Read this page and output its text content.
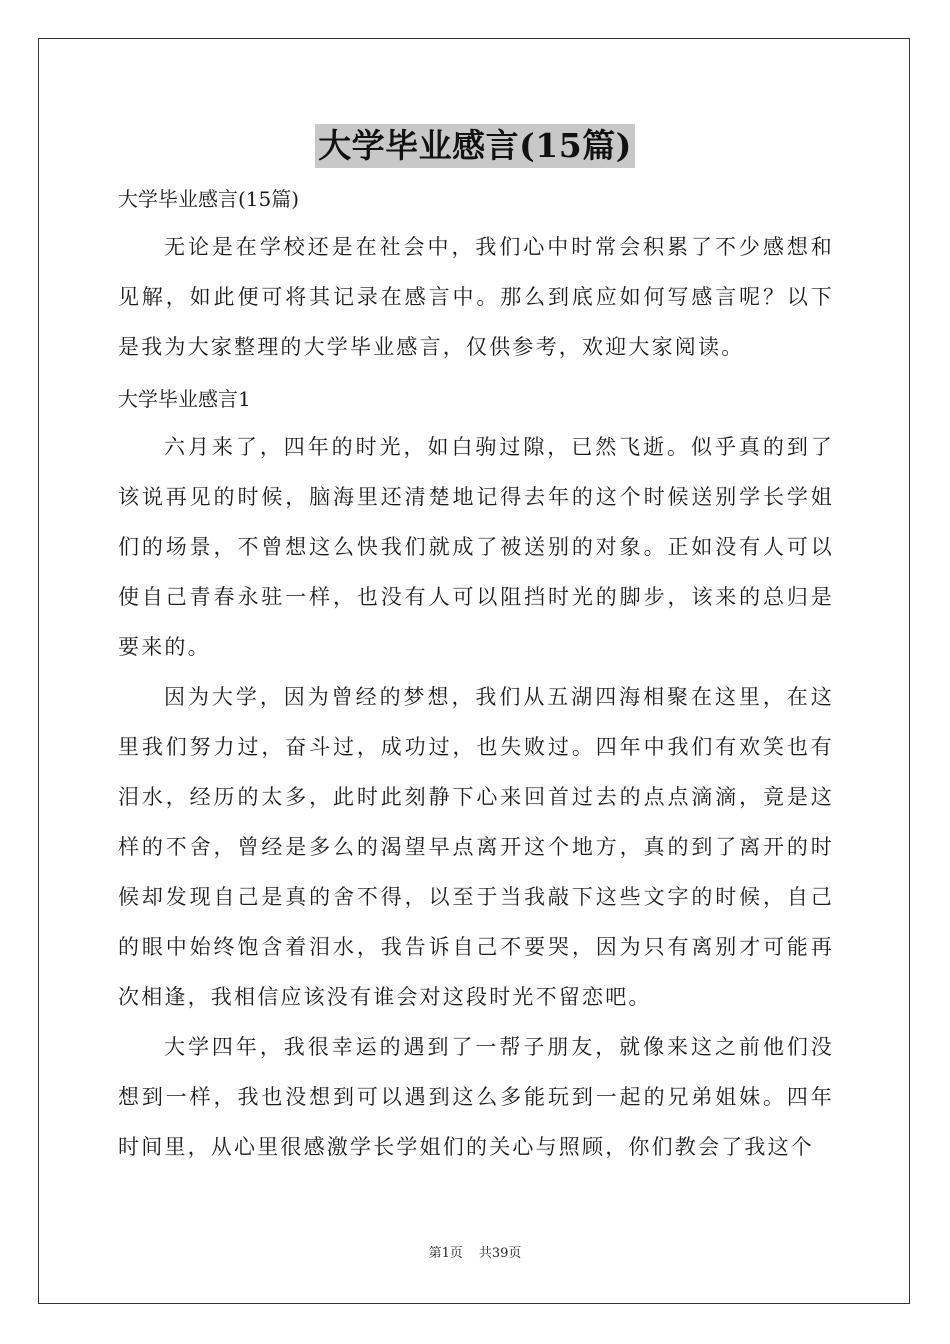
大学毕业感言(15篇)
大学毕业感言(15篇)

无论是在学校还是在社会中，我们心中时常会积累了不少感想和见解，如此便可将其记录在感言中。那么到底应如何写感言呢？以下是我为大家整理的大学毕业感言，仅供参考，欢迎大家阅读。

大学毕业感言1

六月来了，四年的时光，如白驹过隙，已然飞逝。似乎真的到了该说再见的时候，脑海里还清楚地记得去年的这个时候送别学长学姐们的场景，不曾想这么快我们就成了被送别的对象。正如没有人可以使自己青春永驻一样，也没有人可以阻挡时光的脚步，该来的总归是要来的。

因为大学，因为曾经的梦想，我们从五湖四海相聚在这里，在这里我们努力过，奋斗过，成功过，也失败过。四年中我们有欢笑也有泪水，经历的太多，此时此刻静下心来回首过去的点点滴滴，竟是这样的不舍，曾经是多么的渴望早点离开这个地方，真的到了离开的时候却发现自己是真的舍不得，以至于当我敲下这些文字的时候，自己的眼中始终饱含着泪水，我告诉自己不要哭，因为只有离别才可能再次相逢，我相信应该没有谁会对这段时光不留恋吧。

大学四年，我很幸运的遇到了一帮子朋友，就像来这之前他们没想到一样，我也没想到可以遇到这么多能玩到一起的兄弟姐妹。四年时间里，从心里很感激学长学姐们的关心与照顾，你们教会了我这个

第1页 共39页
